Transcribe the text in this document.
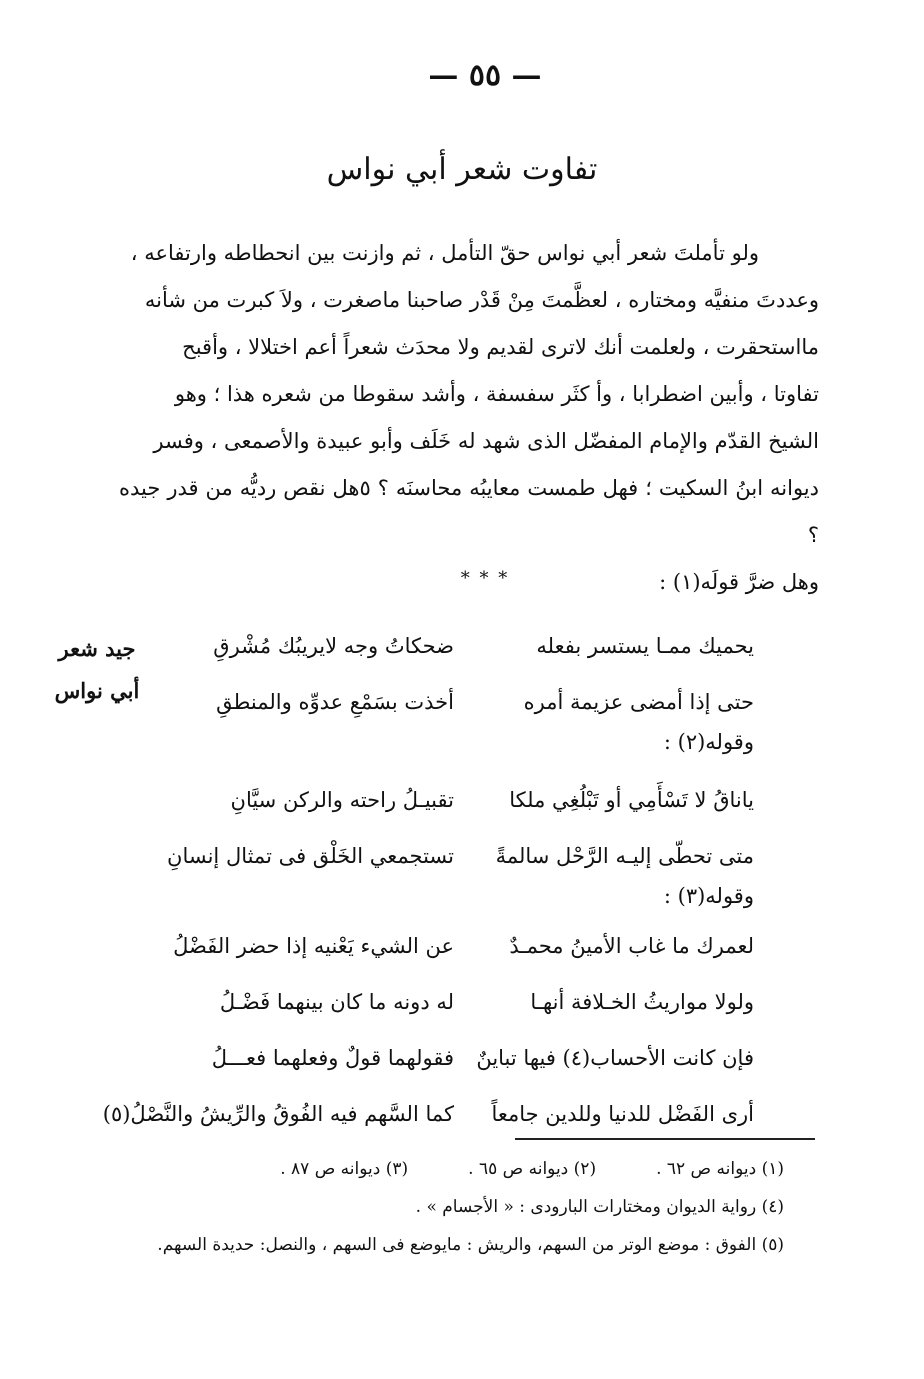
— ٥٥ —
تفاوت شعر أبي نواس

ولو تأملتَ شعر أبي نواس حقّ التأمل ، ثم وازنت بين انحطاطه وارتفاعه ،

وعددتَ منفيَّه ومختاره ، لعظَّمتَ مِنْ قَدْر صاحبنا ماصغرت ، ولاَ كبرت من شأنه

مااستحقرت ، ولعلمت أنك لاترى لقديم ولا محدَث شعراً أعم اختلالا ، وأقبح

تفاوتا ، وأبين اضطرابا ، وأ كثَر سفسفة ، وأشد سقوطا من شعره هذا ؛ وهو

الشيخ القدّم والإمام المفضّل الذى شهد له خَلَف وأبو عبيدة والأصمعى ، وفسر

ديوانه ابنُ السكيت ؛ فهل طمست معايبُه محاسنَه ؟ ٥هل نقص رديُّه من قدر جيده ؟

وهل ضرَّ قولَه(١) :

* * *
جيد شعر
أبي نواس
يحميك ممـا يستسر بفعله
ضحكاتُ وجه لايريبُك مُشْرقِ
حتى إذا أمضى عزيمة أمره
أخذت بسَمْعِ عدوِّه والمنطقِ
وقوله(٢) :
ياناقُ لا تَسْأَمِي أو تَبْلُغِي ملكا
تقبيـلُ راحته والركن سيَّانِ
متى تحطّى إليـه الرَّحْل سالمةً
تستجمعي الخَلْق فى تمثال إنسانِ
وقوله(٣) :
لعمرك ما غاب الأمينُ محمـدٌ
عن الشيء يَعْنيه إذا حضر الفَضْلُ
ولولا مواريثُ الخـلافة أنهـا
له دونه ما كان بينهما فَضْـلُ
فإن كانت الأحساب(٤) فيها تباينٌ
فقولهما قولٌ وفعلهما فعـــلُ
أرى الفَضْل للدنيا وللدين جامعاً
كما السَّهم فيه الفُوقُ والرِّيشُ والنَّصْلُ(٥)
(١) ديوانه ص ٦٢ .
(٢) ديوانه ص ٦٥ .
(٣) ديوانه ص ٨٧ .
(٤) رواية الديوان ومختارات البارودى : « الأجسام » .
(٥) الفوق : موضع الوتر من السهم، والريش : مايوضع فى السهم ، والنصل: حديدة السهم.
